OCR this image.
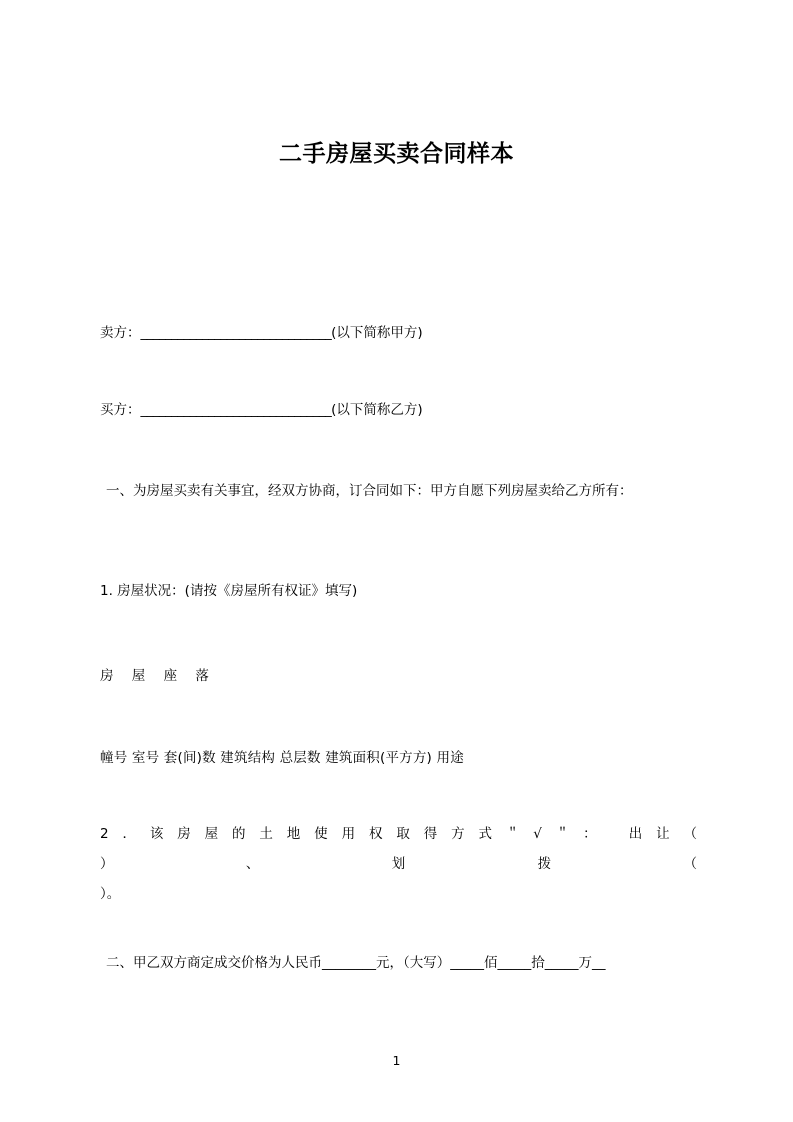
二手房屋买卖合同样本
卖方：_______________________________(以下简称甲方)
买方：_______________________________(以下简称乙方)
一、为房屋买卖有关事宜，经双方协商，订合同如下：甲方自愿下列房屋卖给乙方所有：
1. 房屋状况：(请按《房屋所有权证》填写)
房 屋 座 落
幢号 室号 套(间)数 建筑结构 总层数 建筑面积(平方方) 用途
2．该房屋的土地使用权取得方式＂√＂： 出让（
） 、 划 拨 （
）。
二、甲乙双方商定成交价格为人民币________元，（大写）_____佰_____拾_____万__
1
